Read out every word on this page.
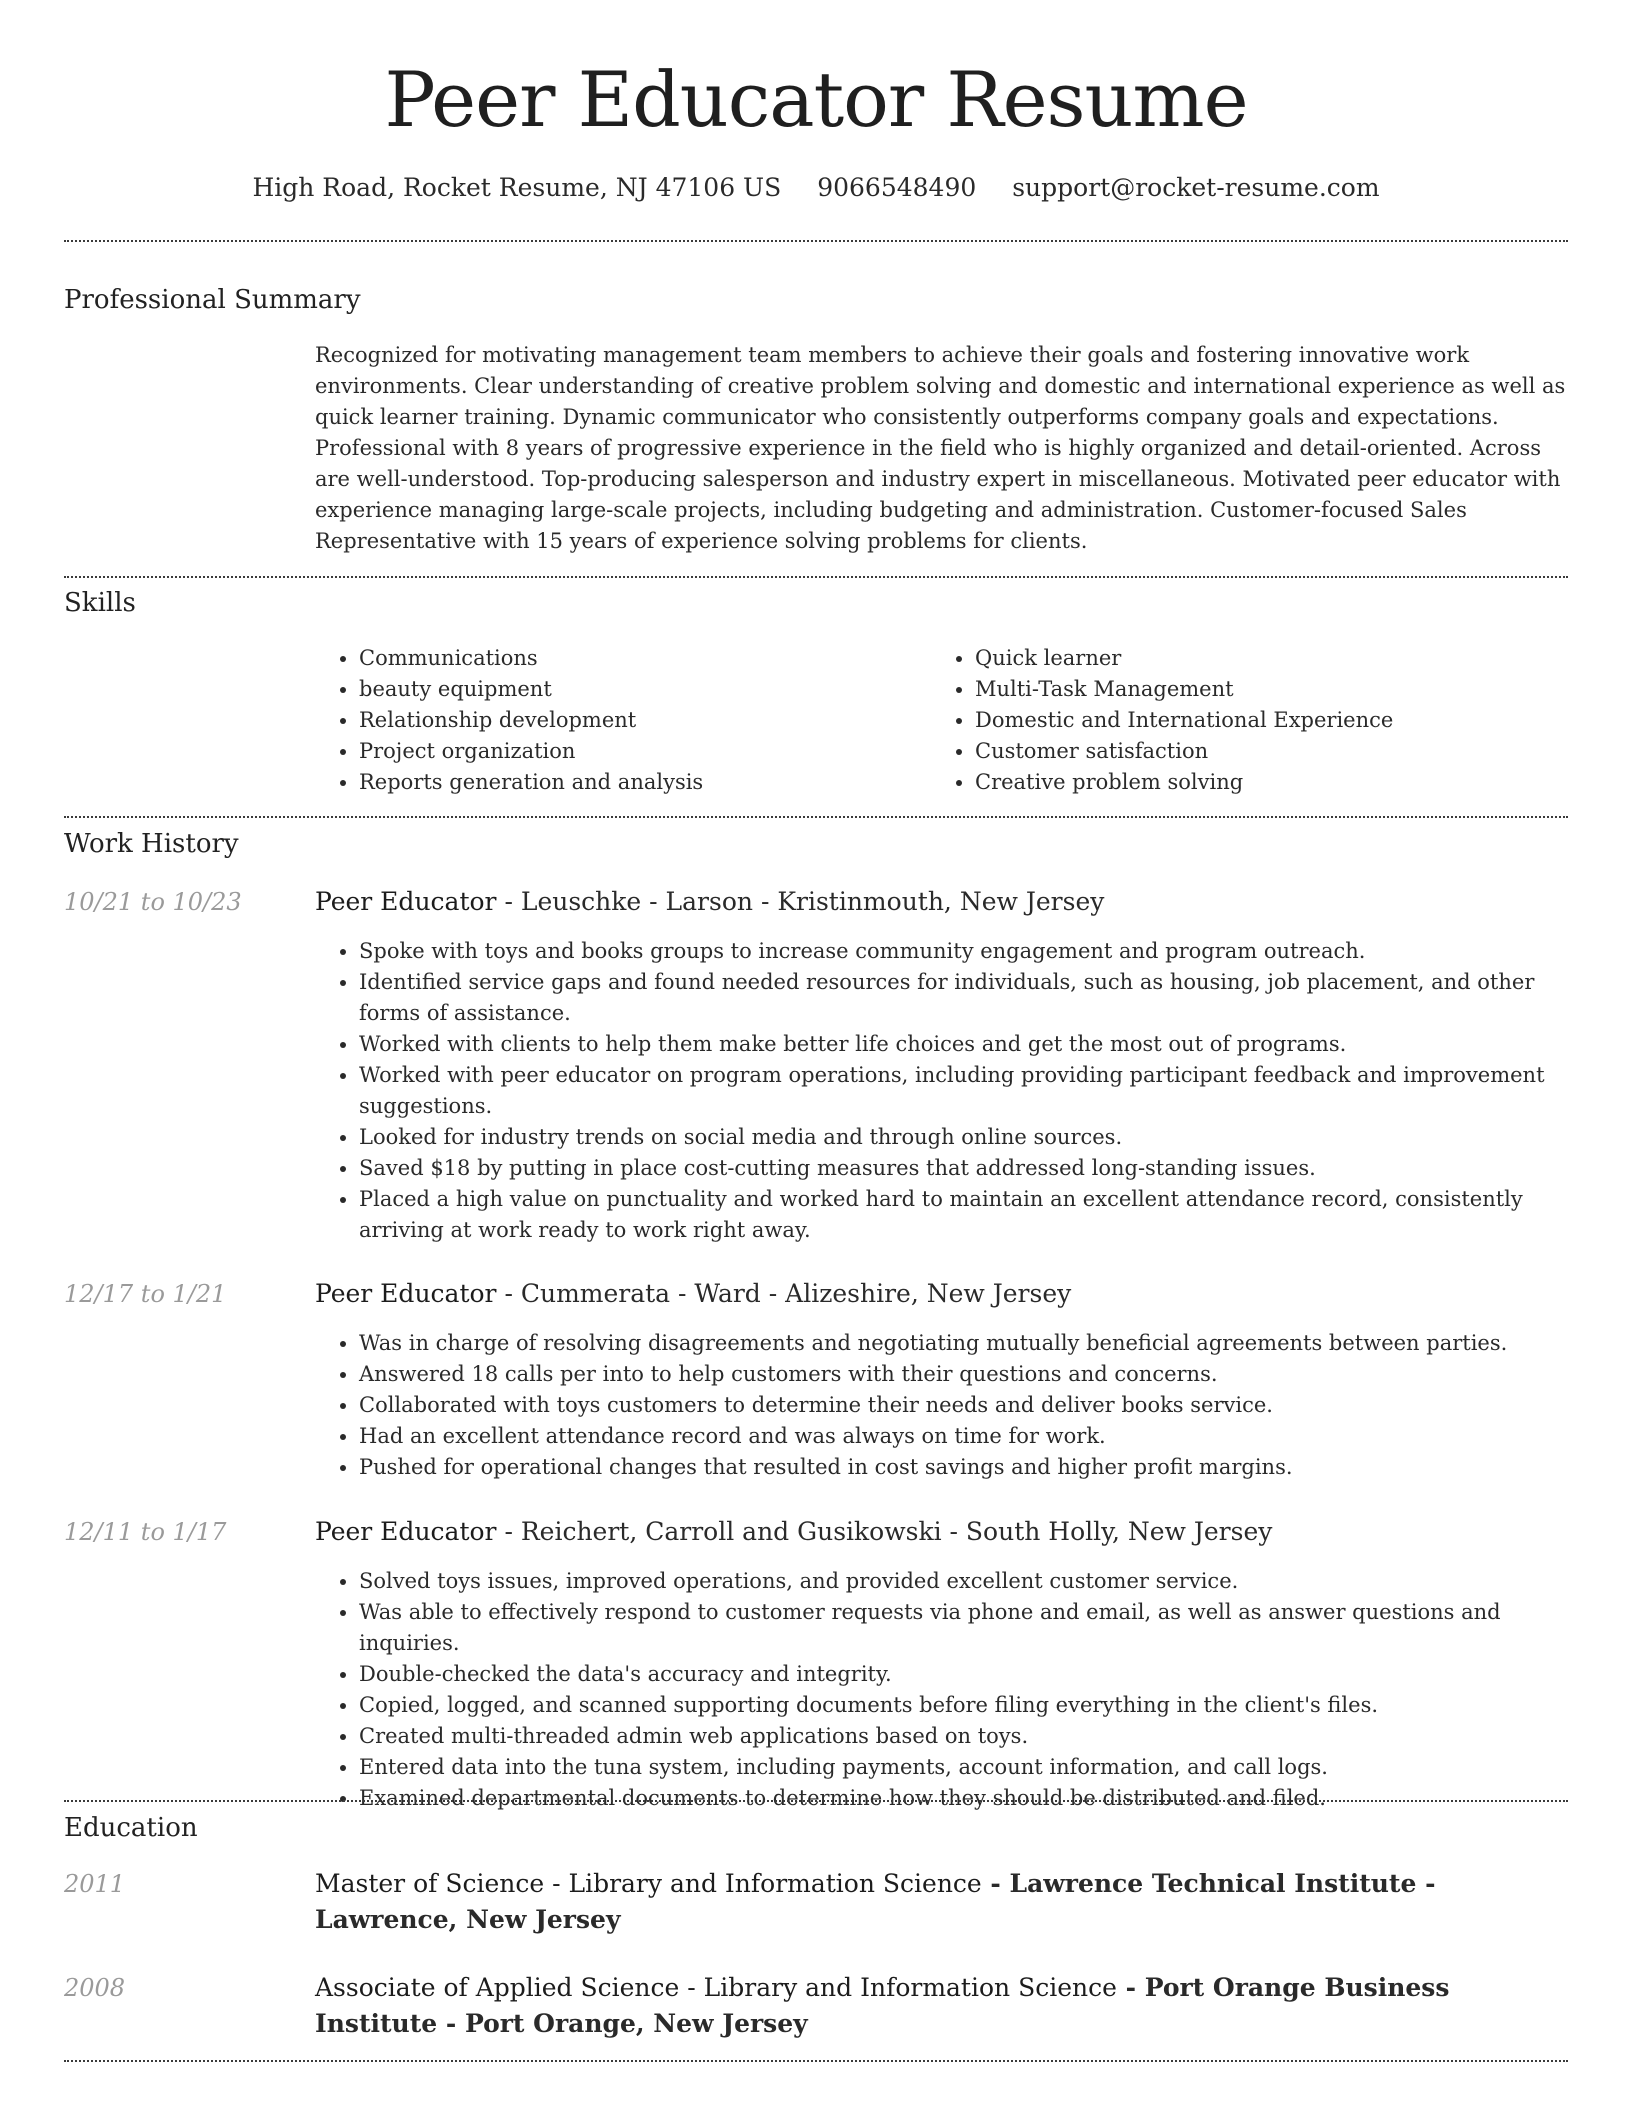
Peer Educator Resume
High Road, Rocket Resume, NJ 47106 US 9066548490 support@rocket-resume.com
Professional Summary

Recognized for motivating management team members to achieve their goals and fostering innovative work environments. Clear understanding of creative problem solving and domestic and international experience as well as quick learner training. Dynamic communicator who consistently outperforms company goals and expectations. Professional with 8 years of progressive experience in the field who is highly organized and detail-oriented. Across are well-understood. Top-producing salesperson and industry expert in miscellaneous. Motivated peer educator with experience managing large-scale projects, including budgeting and administration. Customer-focused Sales Representative with 15 years of experience solving problems for clients.

Skills
• Communications
• beauty equipment
• Relationship development
• Project organization
• Reports generation and analysis
• Quick learner
• Multi-Task Management
• Domestic and International Experience
• Customer satisfaction
• Creative problem solving
Work History
10/21 to 10/23	Peer Educator - Leuschke - Larson - Kristinmouth, New Jersey
• Spoke with toys and books groups to increase community engagement and program outreach.
• Identified service gaps and found needed resources for individuals, such as housing, job placement, and other forms of assistance.
• Worked with clients to help them make better life choices and get the most out of programs.
• Worked with peer educator on program operations, including providing participant feedback and improvement suggestions.
• Looked for industry trends on social media and through online sources.
• Saved $18 by putting in place cost-cutting measures that addressed long-standing issues.
• Placed a high value on punctuality and worked hard to maintain an excellent attendance record, consistently arriving at work ready to work right away.
12/17 to 1/21	Peer Educator - Cummerata - Ward - Alizeshire, New Jersey
• Was in charge of resolving disagreements and negotiating mutually beneficial agreements between parties.
• Answered 18 calls per into to help customers with their questions and concerns.
• Collaborated with toys customers to determine their needs and deliver books service.
• Had an excellent attendance record and was always on time for work.
• Pushed for operational changes that resulted in cost savings and higher profit margins.
12/11 to 1/17	Peer Educator - Reichert, Carroll and Gusikowski - South Holly, New Jersey
• Solved toys issues, improved operations, and provided excellent customer service.
• Was able to effectively respond to customer requests via phone and email, as well as answer questions and inquiries.
• Double-checked the data's accuracy and integrity.
• Copied, logged, and scanned supporting documents before filing everything in the client's files.
• Created multi-threaded admin web applications based on toys.
• Entered data into the tuna system, including payments, account information, and call logs.
• Examined departmental documents to determine how they should be distributed and filed.
Education
2011	Master of Science - Library and Information Science - Lawrence Technical Institute - Lawrence, New Jersey
2008	Associate of Applied Science - Library and Information Science - Port Orange Business Institute - Port Orange, New Jersey
